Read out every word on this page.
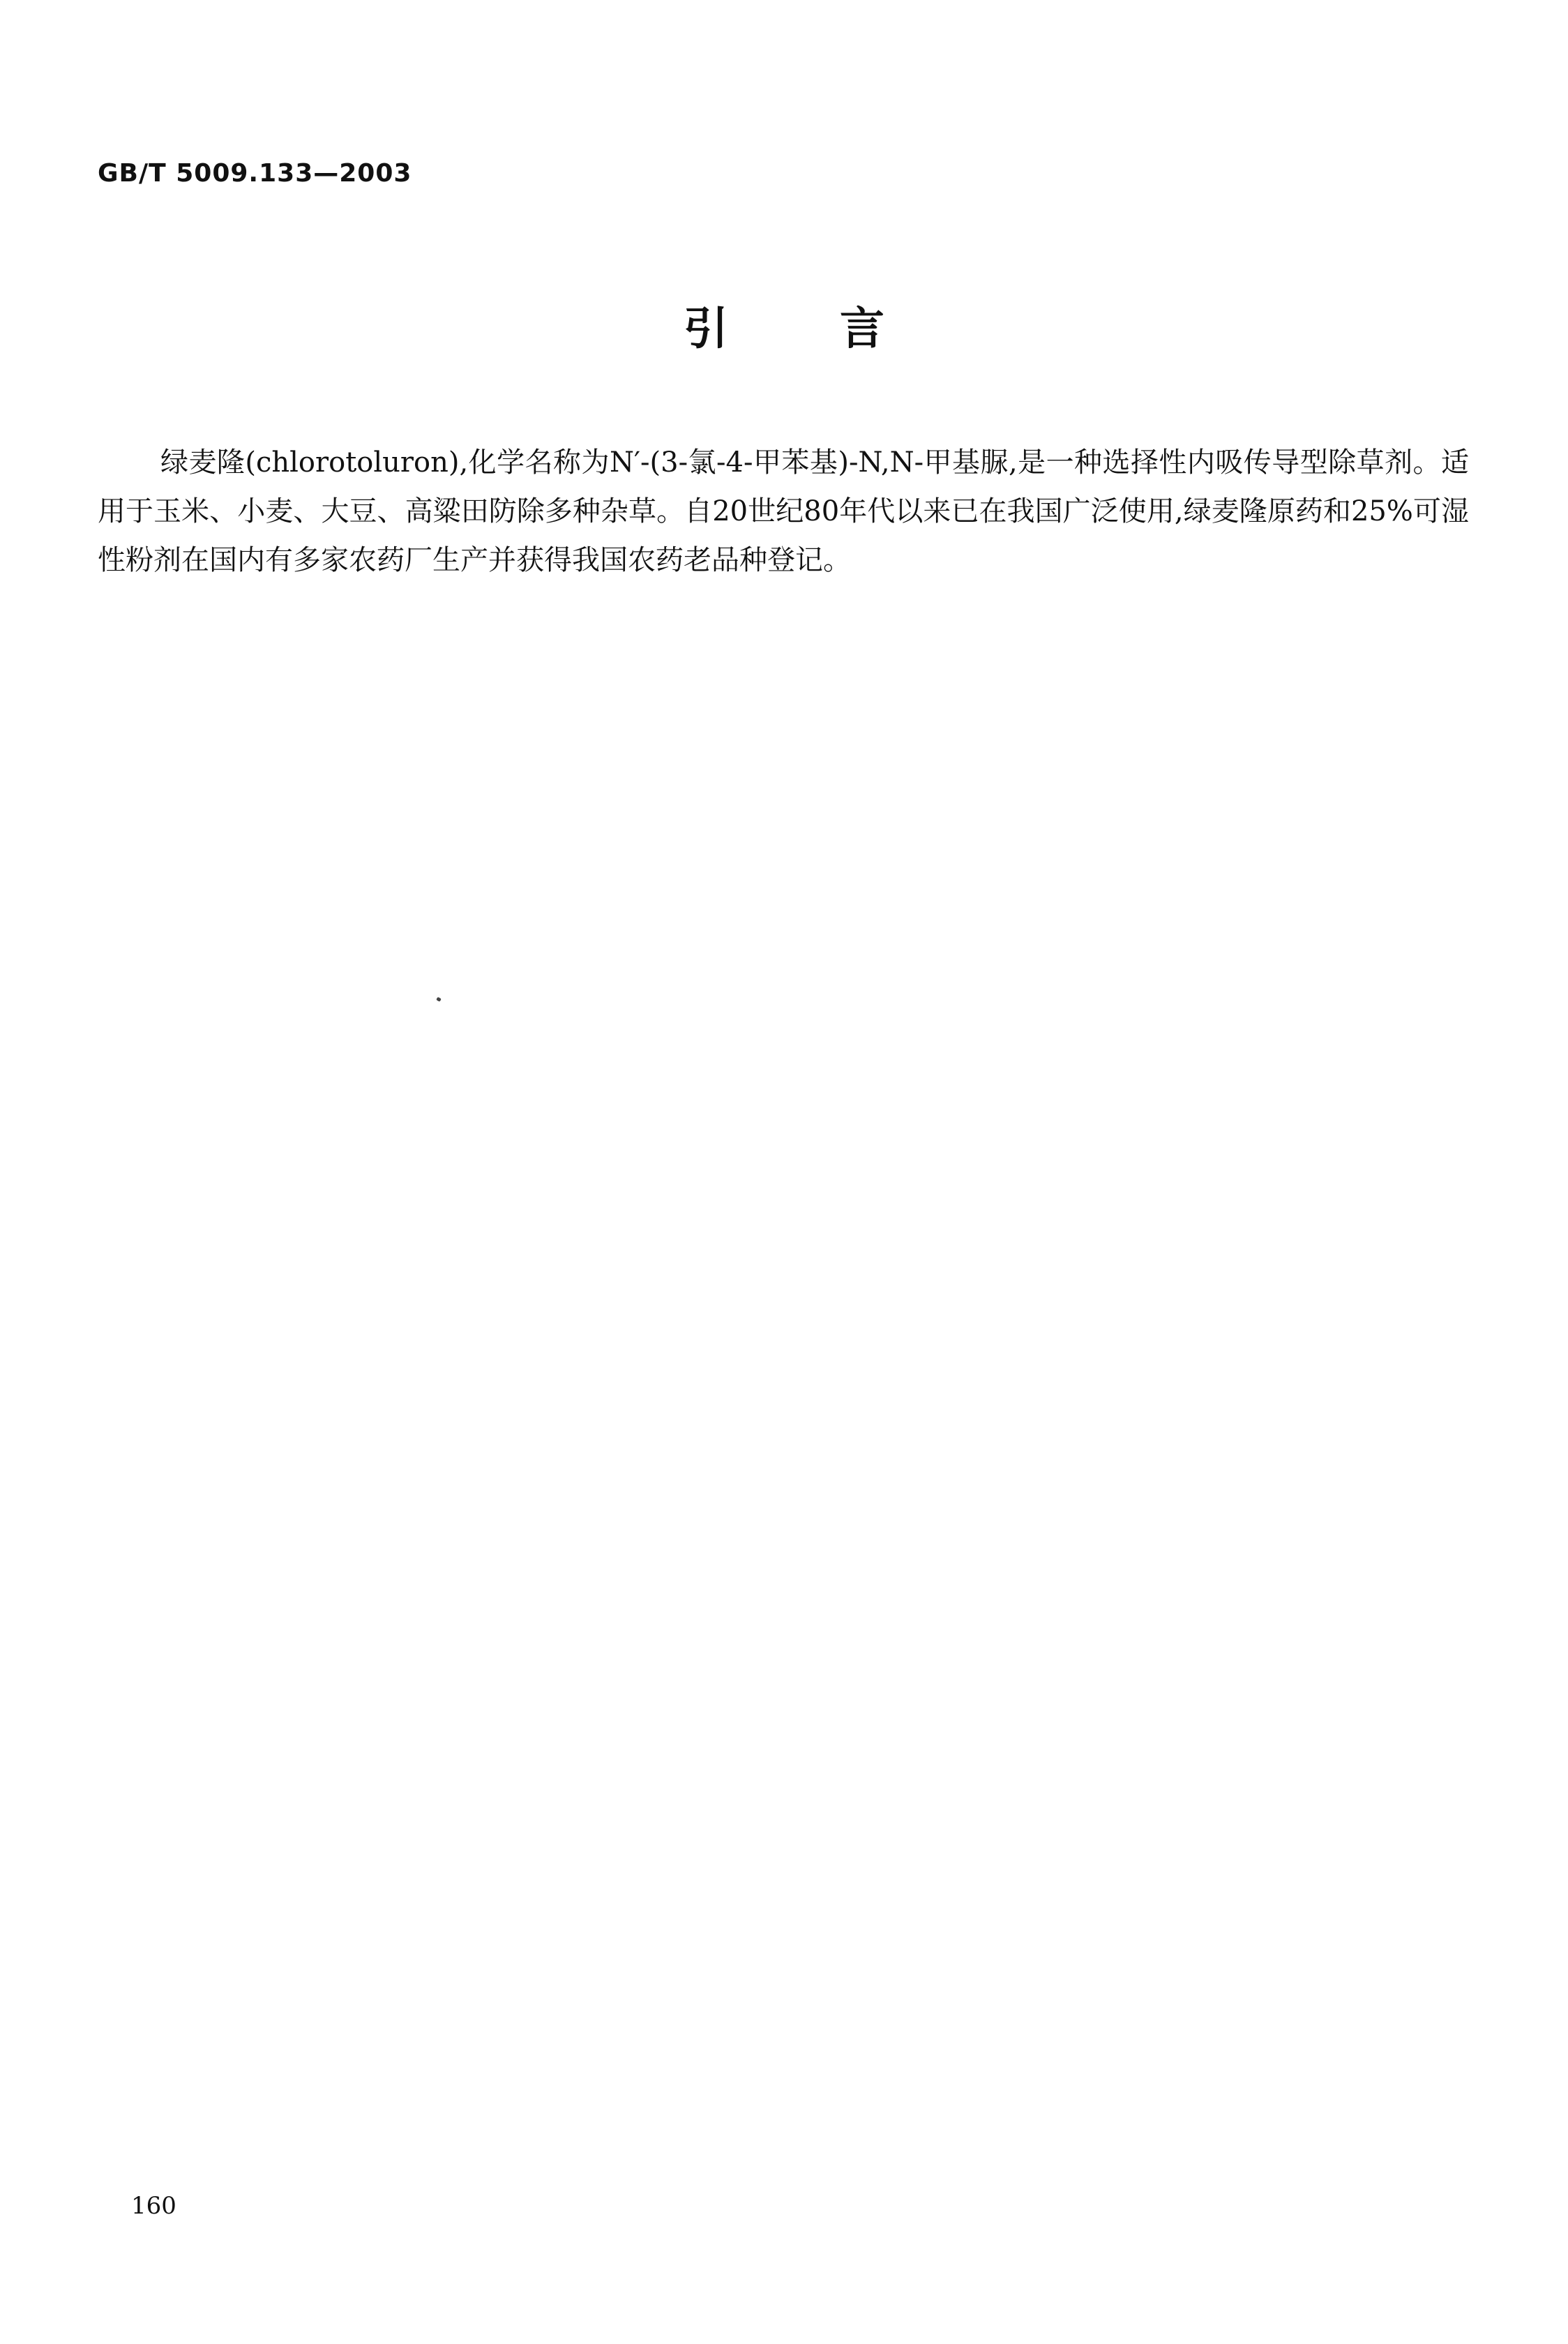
GB/T 5009.133—2003
引	言

绿麦隆(chlorotoluron),化学名称为N′-(3-氯-4-甲苯基)-N,N-甲基脲,是一种选择性内吸传导型除草剂。适用于玉米、小麦、大豆、高粱田防除多种杂草。自20世纪80年代以来已在我国广泛使用,绿麦隆原药和25%可湿性粉剂在国内有多家农药厂生产并获得我国农药老品种登记。

160
